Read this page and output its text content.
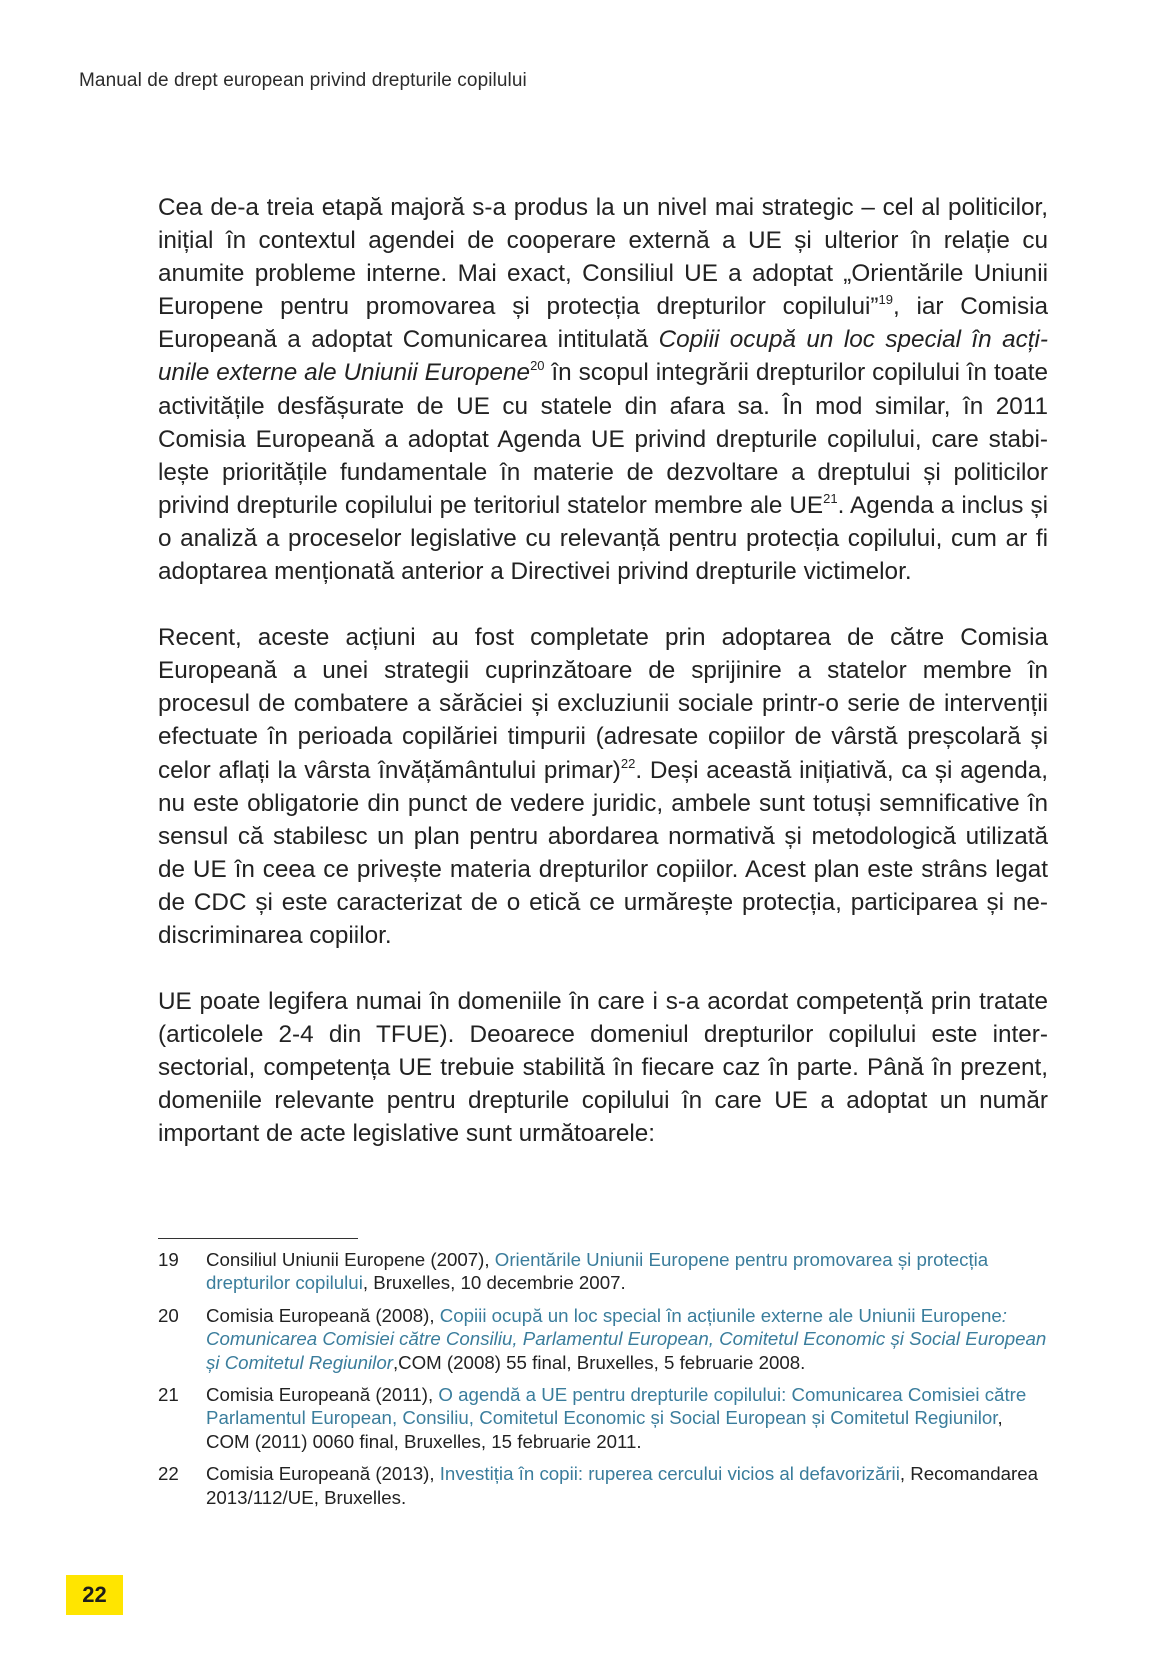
Manual de drept european privind drepturile copilului

Cea de-a treia etapă majoră s-a produs la un nivel mai strategic – cel al politicilor, inițial în contextul agendei de cooperare externă a UE și ulterior în relație cu anumite probleme interne. Mai exact, Consiliul UE a adoptat „Orientările Uniunii Europene pentru promovarea și protecția drepturilor copilului”$^{19}$, iar Comisia Europeană a adoptat Comunicarea intitulată Copiii ocupă un loc special în acțiunile externe ale Uniunii Europene$^{20}$ în scopul integrării drepturilor copilului în toate activitățile desfășurate de UE cu statele din afara sa. În mod similar, în 2011 Comisia Europeană a adoptat Agenda UE privind drepturile copilului, care stabilește prioritățile fundamentale în materie de dezvoltare a dreptului și politicilor privind drepturile copilului pe teritoriul statelor membre ale UE$^{21}$. Agenda a inclus și o analiză a proceselor legislative cu relevanță pentru protecția copilului, cum ar fi adoptarea menționată anterior a Directivei privind drepturile victimelor.

Recent, aceste acțiuni au fost completate prin adoptarea de către Comisia Europeană a unei strategii cuprinzătoare de sprijinire a statelor membre în procesul de combatere a sărăciei și excluziunii sociale printr-o serie de intervenții efectuate în perioada copilăriei timpurii (adresate copiilor de vârstă preșcolară și celor aflați la vârsta învățământului primar)$^{22}$. Deși această inițiativă, ca și agenda, nu este obligatorie din punct de vedere juridic, ambele sunt totuși semnificative în sensul că stabilesc un plan pentru abordarea normativă și metodologică utilizată de UE în ceea ce privește materia drepturilor copiilor. Acest plan este strâns legat de CDC și este caracterizat de o etică ce urmărește protecția, participarea și nediscriminarea copiilor.

UE poate legifera numai în domeniile în care i s-a acordat competență prin tratate (articolele 2-4 din TFUE). Deoarece domeniul drepturilor copilului este intersectorial, competența UE trebuie stabilită în fiecare caz în parte. Până în prezent, domeniile relevante pentru drepturile copilului în care UE a adoptat un număr important de acte legislative sunt următoarele:

19	Consiliul Uniunii Europene (2007), Orientările Uniunii Europene pentru promovarea și protecția drepturilor copilului, Bruxelles, 10 decembrie 2007.
20	Comisia Europeană (2008), Copiii ocupă un loc special în acțiunile externe ale Uniunii Europene: Comunicarea Comisiei către Consiliu, Parlamentul European, Comitetul Economic și Social European și Comitetul Regiunilor,COM (2008) 55 final, Bruxelles, 5 februarie 2008.
21	Comisia Europeană (2011), O agendă a UE pentru drepturile copilului: Comunicarea Comisiei către Parlamentul European, Consiliu, Comitetul Economic și Social European și Comitetul Regiunilor, COM (2011) 0060 final, Bruxelles, 15 februarie 2011.
22	Comisia Europeană (2013), Investiția în copii: ruperea cercului vicios al defavorizării, Recomandarea 2013/112/UE, Bruxelles.
22
